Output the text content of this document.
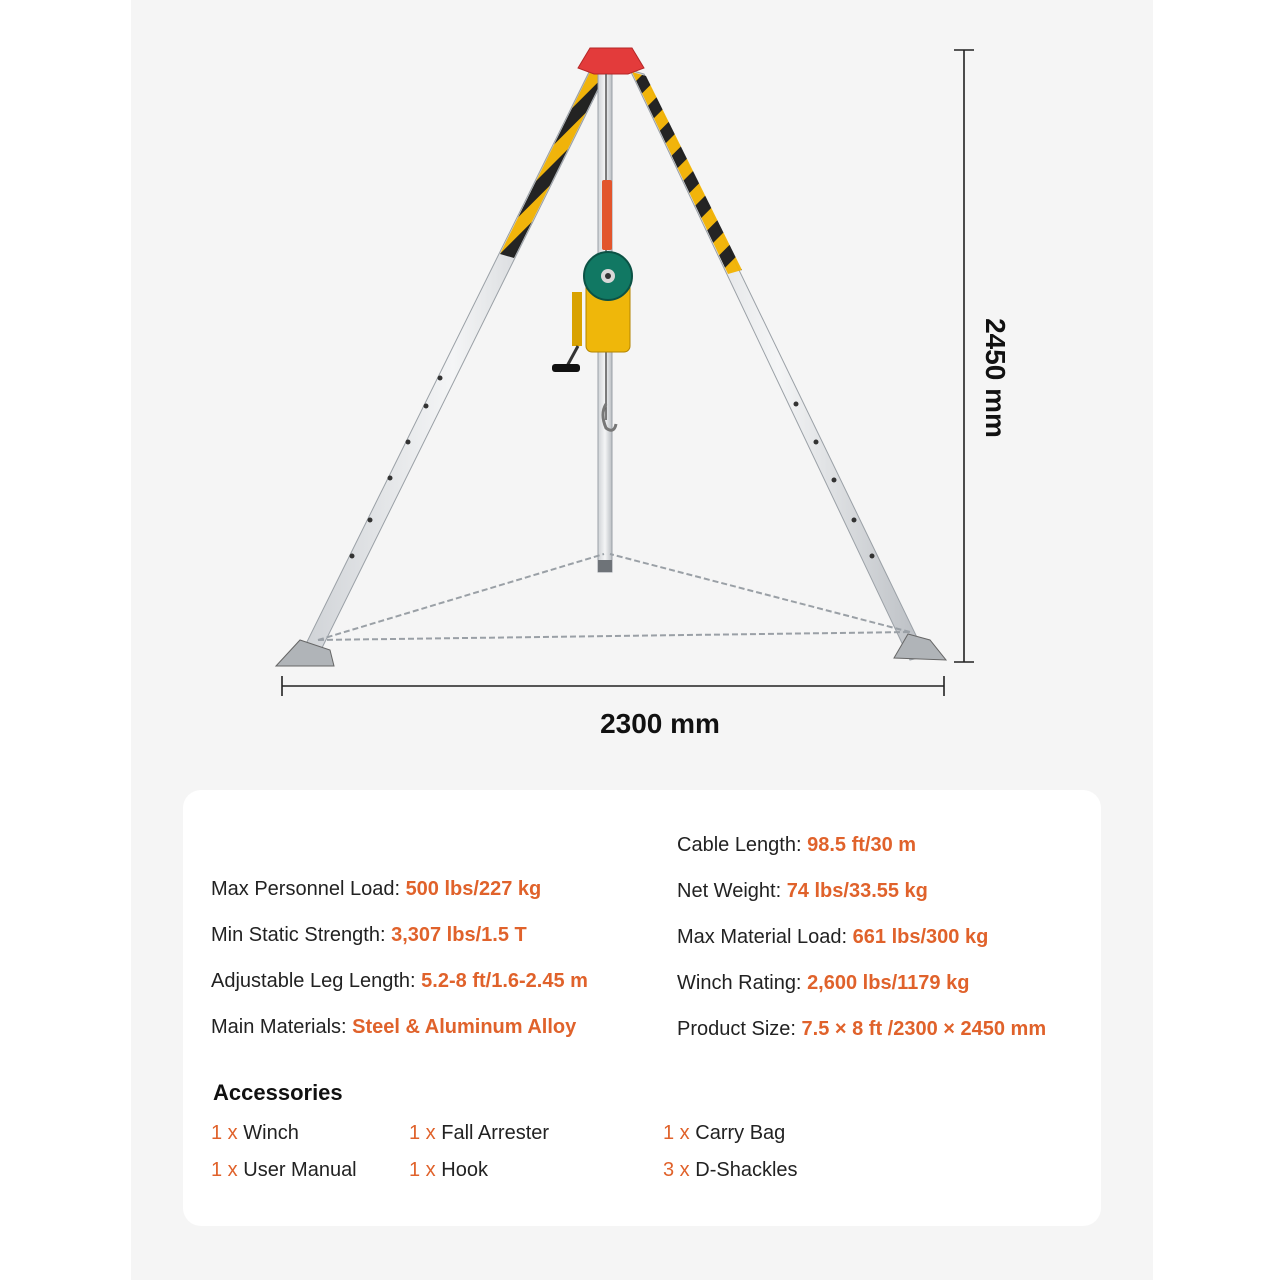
2300 mm
2450 mm
Max Personnel Load: 500 lbs/227 kg
Min Static Strength: 3,307 lbs/1.5 T
Adjustable Leg Length: 5.2-8 ft/1.6-2.45 m
Main Materials: Steel & Aluminum Alloy
Cable Length: 98.5 ft/30 m
Net Weight: 74 lbs/33.55 kg
Max Material Load: 661 lbs/300 kg
Winch Rating: 2,600 lbs/1179 kg
Product Size: 7.5 × 8 ft /2300 × 2450 mm
Accessories
1 x Winch	1 x Fall Arrester	1 x Carry Bag
1 x User Manual	1 x Hook	3 x D-Shackles
